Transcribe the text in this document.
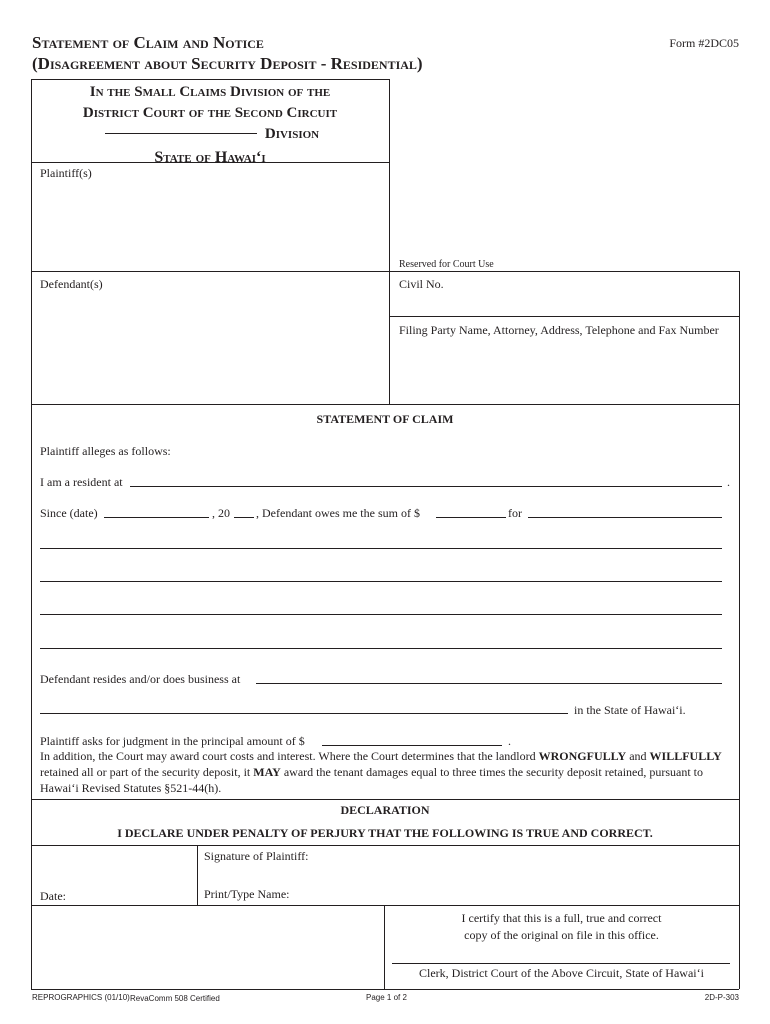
Statement of Claim and Notice
(Disagreement about Security Deposit - Residential)
Form #2DC05
In the Small Claims Division of the
District Court of the Second Circuit
Division
State of Hawai‘i
Plaintiff(s)
Reserved for Court Use
Defendant(s)	Civil No.
Filing Party Name, Attorney, Address, Telephone and Fax Number
STATEMENT OF CLAIM
Plaintiff alleges as follows:
I am a resident at	.
Since (date)	, 20 , Defendant owes me the sum of $	for
Defendant resides and/or does business at
in the State of Hawai‘i.
Plaintiff asks for judgment in the principal amount of $	.
In addition, the Court may award court costs and interest. Where the Court determines that the landlord WRONGFULLY and WILLFULLY retained all or part of the security deposit, it MAY award the tenant damages equal to three times the security deposit retained, pursuant to Hawai‘i Revised Statutes §521-44(h).
DECLARATION
I DECLARE UNDER PENALTY OF PERJURY THAT THE FOLLOWING IS TRUE AND CORRECT.
Signature of Plaintiff:
Date:	Print/Type Name:
I certify that this is a full, true and correct
copy of the original on file in this office.
Clerk, District Court of the Above Circuit, State of Hawai‘i
REPROGRAPHICS (01/10) RevaComm 508 Certified	Page 1 of 2	2D-P-303
